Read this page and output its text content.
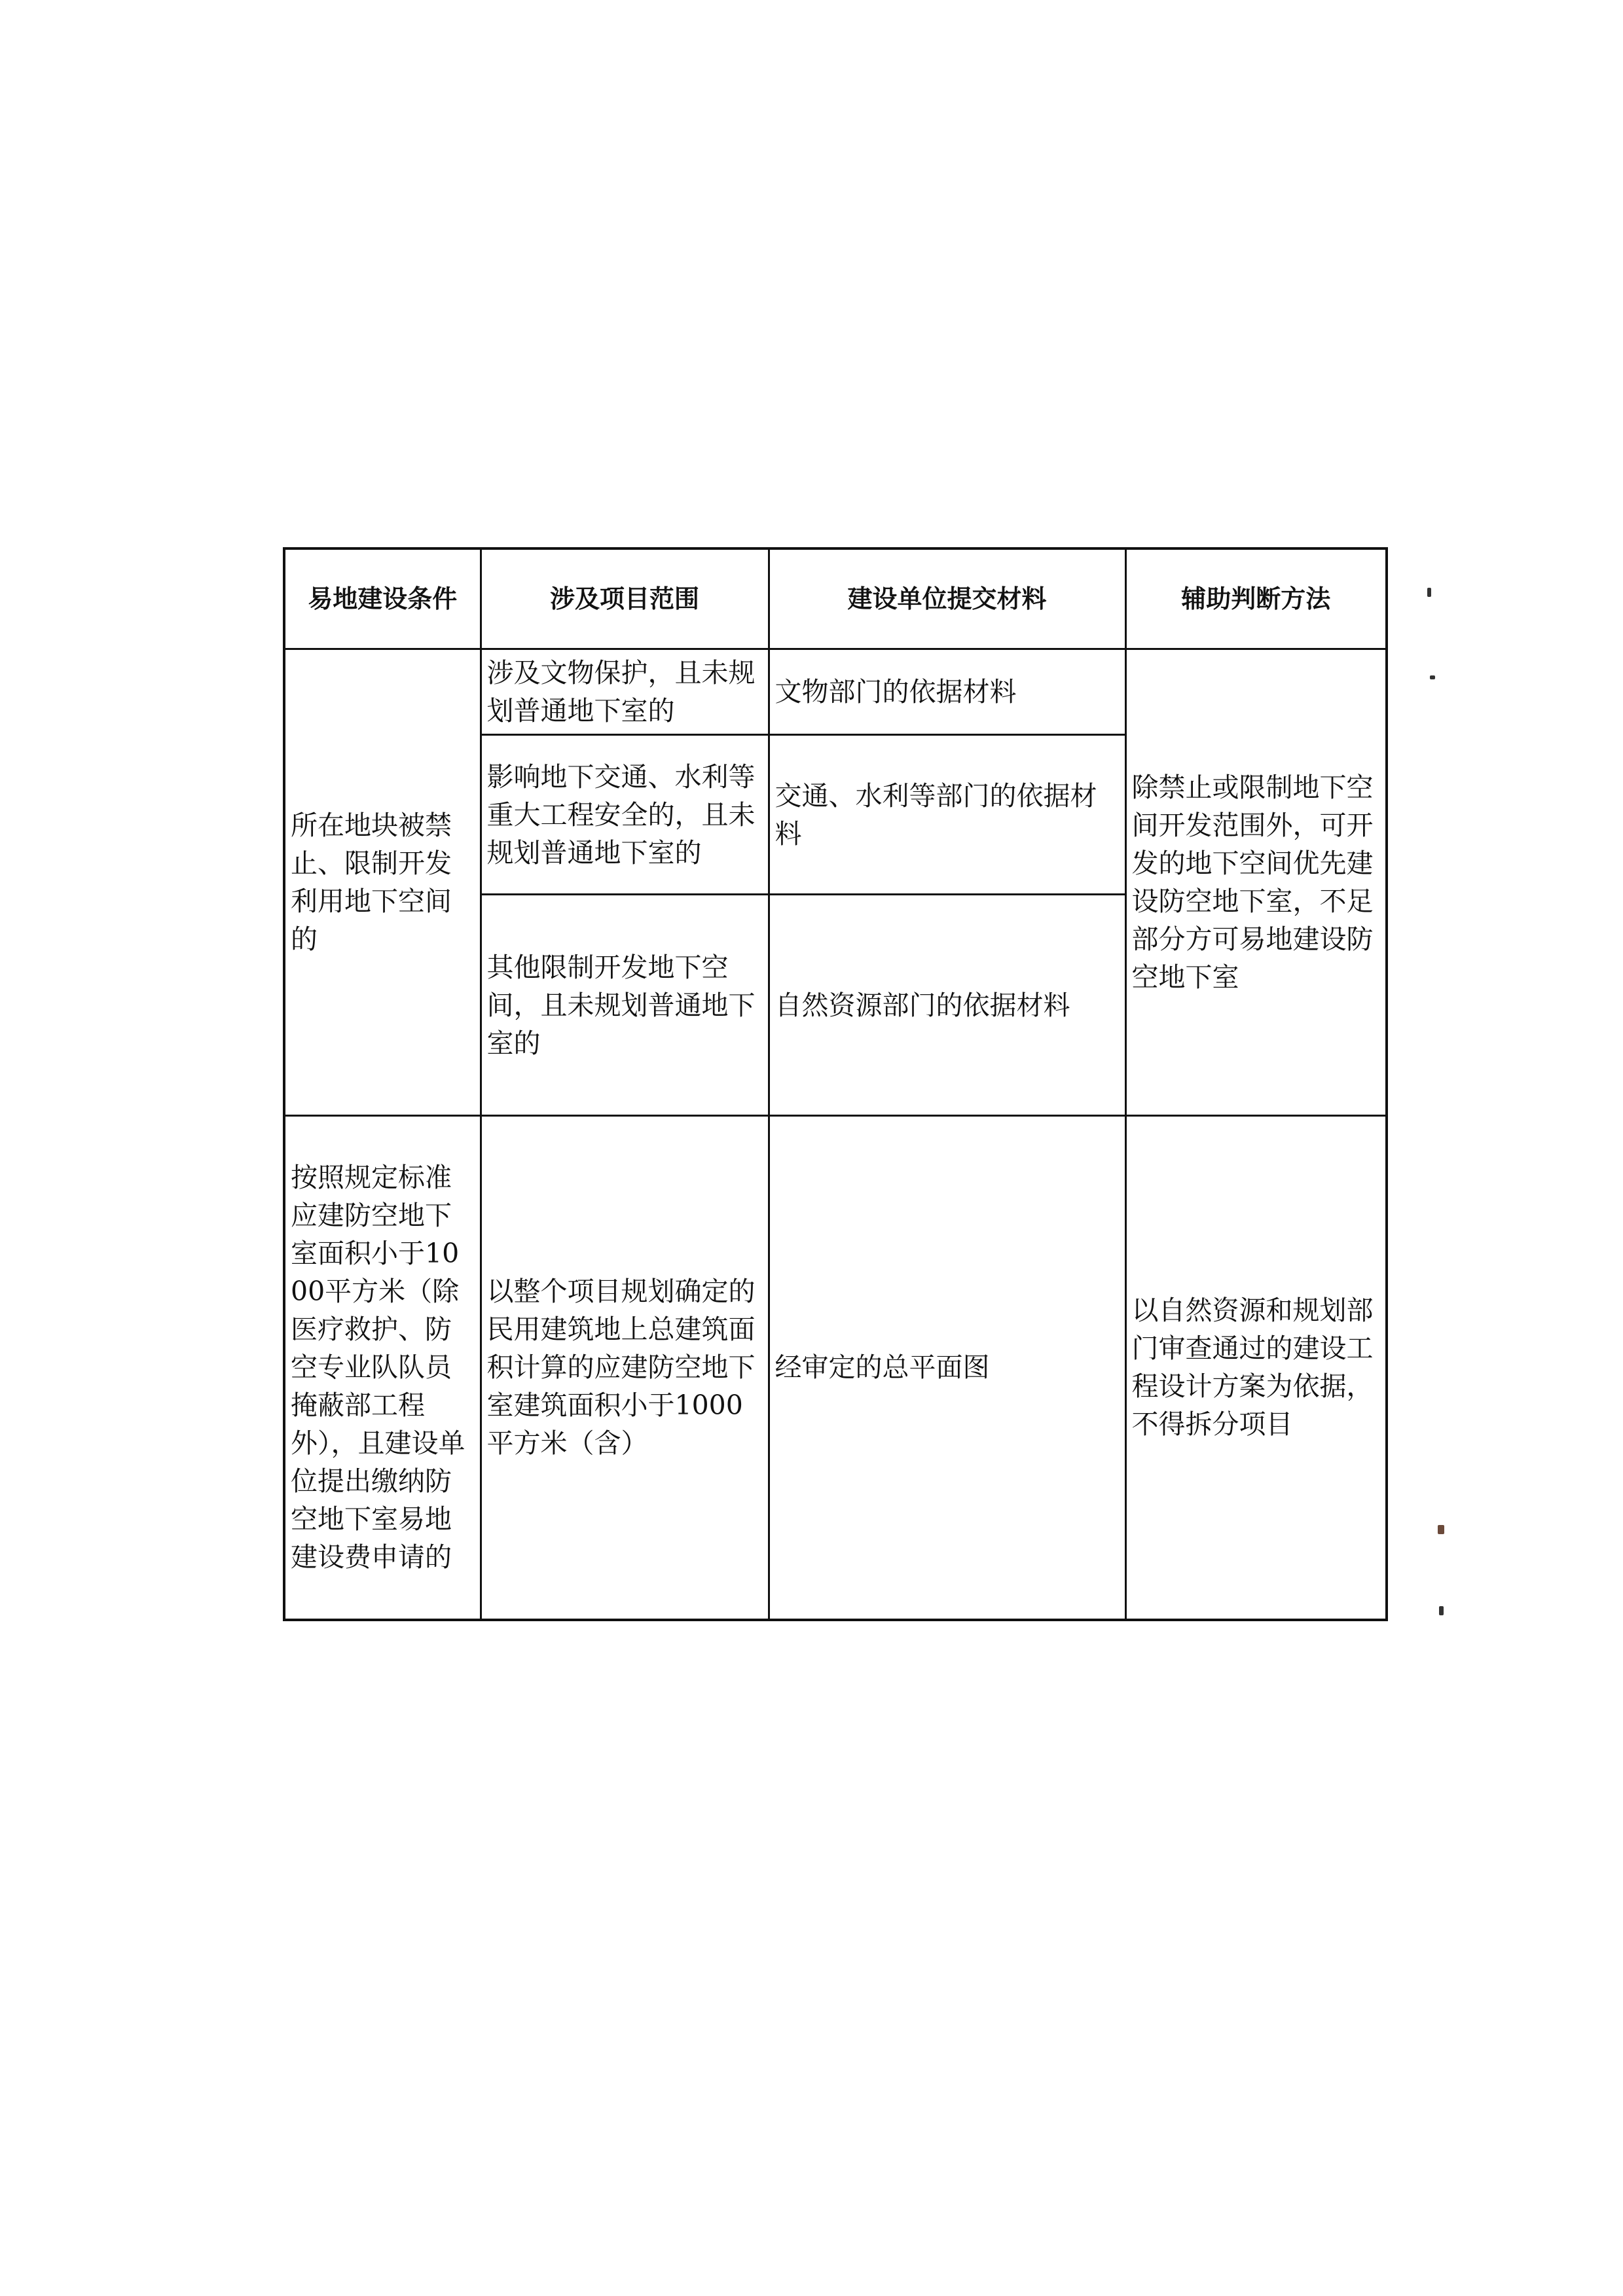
易地建设条件	涉及项目范围	建设单位提交材料	辅助判断方法
所在地块被禁止、限制开发利用地下空间的	涉及文物保护，且未规划普通地下室的	文物部门的依据材料	除禁止或限制地下空间开发范围外，可开发的地下空间优先建设防空地下室，不足部分方可易地建设防空地下室
	影响地下交通、水利等重大工程安全的，且未规划普通地下室的	交通、水利等部门的依据材料	
	其他限制开发地下空间，且未规划普通地下室的	自然资源部门的依据材料	
按照规定标准应建防空地下室面积小于1000平方米（除医疗救护、防空专业队队员掩蔽部工程外），且建设单位提出缴纳防空地下室易地建设费申请的	以整个项目规划确定的民用建筑地上总建筑面积计算的应建防空地下室建筑面积小于1000平方米（含）	经审定的总平面图	以自然资源和规划部门审查通过的建设工程设计方案为依据，不得拆分项目
